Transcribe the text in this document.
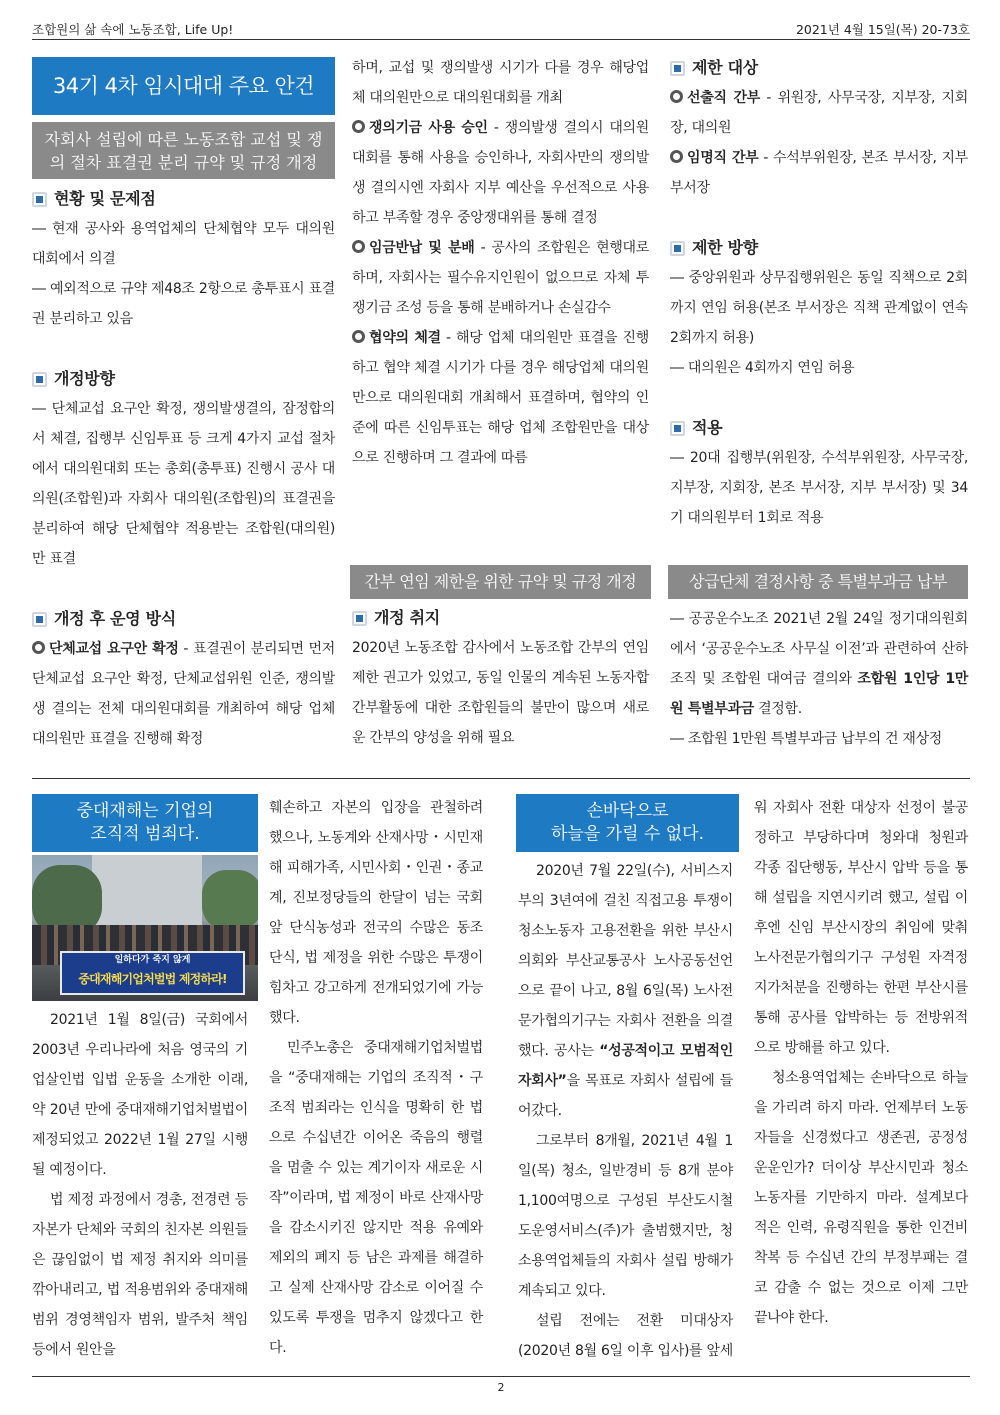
조합원의 삶 속에 노동조합, Life Up!	2021년 4월 15일(목) 20-73호
34기 4차 임시대대 주요 안건
자회사 설립에 따른 노동조합 교섭 및 쟁의 절차 표결권 분리 규약 및 규정 개정
현황 및 문제점
― 현재 공사와 용역업체의 단체협약 모두 대의원대회에서 의결
― 예외적으로 규약 제48조 2항으로 총투표시 표결권 분리하고 있음
개정방향
― 단체교섭 요구안 확정, 쟁의발생결의, 잠정합의서 체결, 집행부 신임투표 등 크게 4가지 교섭 절차에서 대의원대회 또는 총회(총투표) 진행시 공사 대의원(조합원)과 자회사 대의원(조합원)의 표결권을 분리하여 해당 단체협약 적용받는 조합원(대의원)만 표결
개정 후 운영 방식
단체교섭 요구안 확정 - 표결권이 분리되면 먼저 단체교섭 요구안 확정, 단체교섭위원 인준, 쟁의발생 결의는 전체 대의원대회를 개최하여 해당 업체 대의원만 표결을 진행해 확정
하며, 교섭 및 쟁의발생 시기가 다를 경우 해당업체 대의원만으로 대의원대회를 개최
쟁의기금 사용 승인 - 쟁의발생 결의시 대의원대회를 통해 사용을 승인하나, 자회사만의 쟁의발생 결의시엔 자회사 지부 예산을 우선적으로 사용하고 부족할 경우 중앙쟁대위를 통해 결정
임금반납 및 분배 - 공사의 조합원은 현행대로 하며, 자회사는 필수유지인원이 없으므로 자체 투쟁기금 조성 등을 통해 분배하거나 손실감수
협약의 체결 - 해당 업체 대의원만 표결을 진행하고 협약 체결 시기가 다를 경우 해당업체 대의원만으로 대의원대회 개최해서 표결하며, 협약의 인준에 따른 신임투표는 해당 업체 조합원만을 대상으로 진행하며 그 결과에 따름
간부 연임 제한을 위한 규약 및 규정 개정
개정 취지
2020년 노동조합 감사에서 노동조합 간부의 연임제한 권고가 있었고, 동일 인물의 계속된 노동자합 간부활동에 대한 조합원들의 불만이 많으며 새로운 간부의 양성을 위해 필요
제한 대상
선출직 간부 - 위원장, 사무국장, 지부장, 지회장, 대의원
임명직 간부 - 수석부위원장, 본조 부서장, 지부 부서장
제한 방향
― 중앙위원과 상무집행위원은 동일 직책으로 2회까지 연임 허용(본조 부서장은 직책 관계없이 연속 2회까지 허용)
― 대의원은 4회까지 연임 허용
적용
― 20대 집행부(위원장, 수석부위원장, 사무국장, 지부장, 지회장, 본조 부서장, 지부 부서장) 및 34기 대의원부터 1회로 적용
상급단체 결정사항 중 특별부과금 납부
― 공공운수노조 2021년 2월 24일 정기대의원회에서 ‘공공운수노조 사무실 이전’과 관련하여 산하 조직 및 조합원 대여금 결의와 조합원 1인당 1만원 특별부과금 결정함.
― 조합원 1만원 특별부과금 납부의 건 재상정
중대재해는 기업의
조직적 범죄다.
일하다가 죽지 않게
중대재해기업처벌법 제정하라!
2021년 1월 8일(금) 국회에서 2003년 우리나라에 처음 영국의 기업살인법 입법 운동을 소개한 이래, 약 20년 만에 중대재해기업처벌법이 제정되었고 2022년 1월 27일 시행될 예정이다.
법 제정 과정에서 경총, 전경련 등 자본가 단체와 국회의 친자본 의원들은 끊임없이 법 제정 취지와 의미를 깎아내리고, 법 적용범위와 중대재해 범위 경영책임자 범위, 발주처 책임 등에서 원안을
훼손하고 자본의 입장을 관철하려 했으나, 노동계와 산재사망・시민재해 피해가족, 시민사회・인권・종교계, 진보정당들의 한달이 넘는 국회 앞 단식농성과 전국의 수많은 동조단식, 법 제정을 위한 수많은 투쟁이 힘차고 강고하게 전개되었기에 가능했다.
민주노총은 중대재해기업처벌법을 “중대재해는 기업의 조직적・구조적 범죄라는 인식을 명확히 한 법으로 수십년간 이어온 죽음의 행렬을 멈출 수 있는 계기이자 새로운 시작”이라며, 법 제정이 바로 산재사망을 감소시키진 않지만 적용 유예와 제외의 폐지 등 남은 과제를 해결하고 실제 산재사망 감소로 이어질 수 있도록 투쟁을 멈추지 않겠다고 한다.
손바닥으로
하늘을 가릴 수 없다.
2020년 7월 22일(수), 서비스지부의 3년여에 걸친 직접고용 투쟁이 청소노동자 고용전환을 위한 부산시의회와 부산교통공사 노사공동선언으로 끝이 나고, 8월 6일(목) 노사전문가협의기구는 자회사 전환을 의결했다. 공사는 “성공적이고 모범적인 자회사”을 목표로 자회사 설립에 들어갔다.
그로부터 8개월, 2021년 4월 1일(목) 청소, 일반경비 등 8개 분야 1,100여명으로 구성된 부산도시철도운영서비스(주)가 출범했지만, 청소용역업체들의 자회사 설립 방해가 계속되고 있다.
설립 전에는 전환 미대상자(2020년 8월 6일 이후 입사)를 앞세
워 자회사 전환 대상자 선정이 불공정하고 부당하다며 청와대 청원과 각종 집단행동, 부산시 압박 등을 통해 설립을 지연시키려 했고, 설립 이후엔 신임 부산시장의 취임에 맞춰 노사전문가협의기구 구성원 자격정지가처분을 진행하는 한편 부산시를 통해 공사를 압박하는 등 전방위적으로 방해를 하고 있다.
청소용역업체는 손바닥으로 하늘을 가리려 하지 마라. 언제부터 노동자들을 신경썼다고 생존권, 공정성 운운인가? 더이상 부산시민과 청소노동자를 기만하지 마라. 설계보다 적은 인력, 유령직원을 통한 인건비 착복 등 수십년 간의 부정부패는 결코 감출 수 없는 것으로 이제 그만 끝나야 한다.
2
